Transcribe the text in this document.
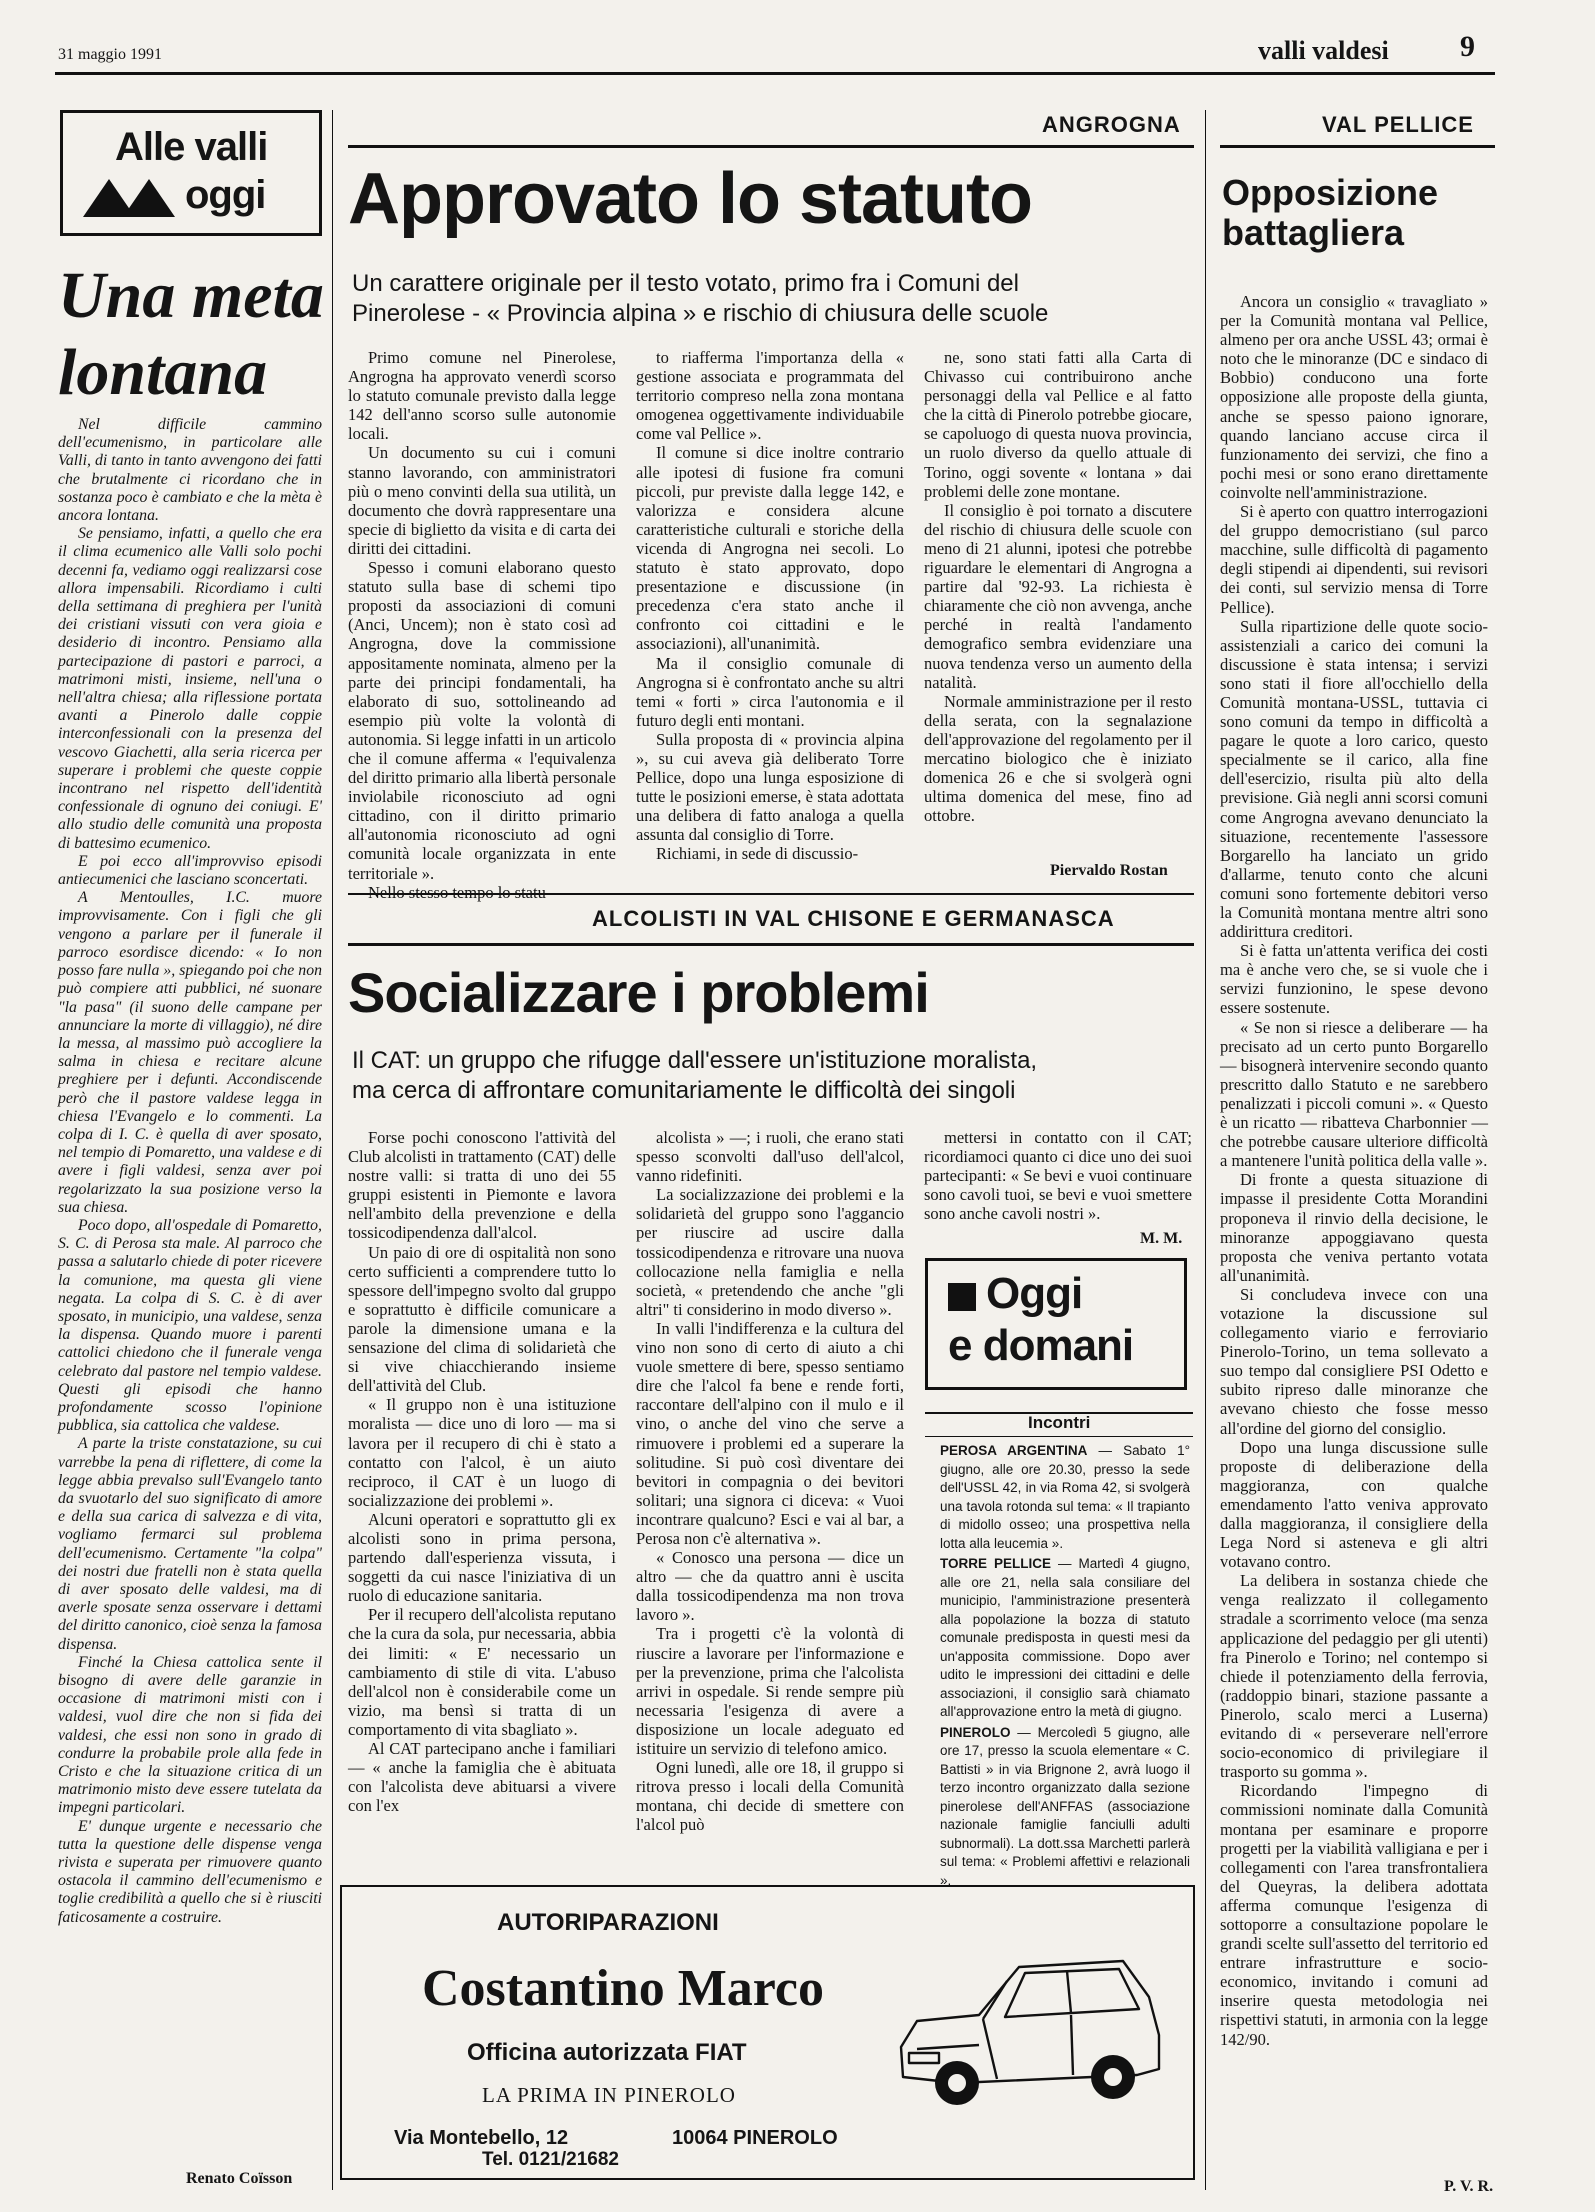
31 maggio 1991	valli valdesi 9
Alle valli
oggi
Una meta
lontana

Nel difficile cammino dell'ecumenismo, in particolare alle Valli, di tanto in tanto avvengono dei fatti che brutalmente ci ricordano che in sostanza poco è cambiato e che la mèta è ancora lontana.

Se pensiamo, infatti, a quello che era il clima ecumenico alle Valli solo pochi decenni fa, vediamo oggi realizzarsi cose allora impensabili. Ricordiamo i culti della settimana di preghiera per l'unità dei cristiani vissuti con vera gioia e desiderio di incontro. Pensiamo alla partecipazione di pastori e parroci, a matrimoni misti, insieme, nell'una o nell'altra chiesa; alla riflessione portata avanti a Pinerolo dalle coppie interconfessionali con la presenza del vescovo Giachetti, alla seria ricerca per superare i problemi che queste coppie incontrano nel rispetto dell'identità confessionale di ognuno dei coniugi. E' allo studio delle comunità una proposta di battesimo ecumenico.

E poi ecco all'improvviso episodi antiecumenici che lasciano sconcertati.

A Mentoulles, I.C. muore improvvisamente. Con i figli che gli vengono a parlare per il funerale il parroco esordisce dicendo: « Io non posso fare nulla », spiegando poi che non può compiere atti pubblici, né suonare "la pasa" (il suono delle campane per annunciare la morte di villaggio), né dire la messa, al massimo può accogliere la salma in chiesa e recitare alcune preghiere per i defunti. Accondiscende però che il pastore valdese legga in chiesa l'Evangelo e lo commenti. La colpa di I. C. è quella di aver sposato, nel tempio di Pomaretto, una valdese e di avere i figli valdesi, senza aver poi regolarizzato la sua posizione verso la sua chiesa.

Poco dopo, all'ospedale di Pomaretto, S. C. di Perosa sta male. Al parroco che passa a salutarlo chiede di poter ricevere la comunione, ma questa gli viene negata. La colpa di S. C. è di aver sposato, in municipio, una valdese, senza la dispensa. Quando muore i parenti cattolici chiedono che il funerale venga celebrato dal pastore nel tempio valdese. Questi gli episodi che hanno profondamente scosso l'opinione pubblica, sia cattolica che valdese.

A parte la triste constatazione, su cui varrebbe la pena di riflettere, di come la legge abbia prevalso sull'Evangelo tanto da svuotarlo del suo significato di amore e della sua carica di salvezza e di vita, vogliamo fermarci sul problema dell'ecumenismo. Certamente "la colpa" dei nostri due fratelli non è stata quella di aver sposato delle valdesi, ma di averle sposate senza osservare i dettami del diritto canonico, cioè senza la famosa dispensa.

Finché la Chiesa cattolica sente il bisogno di avere delle garanzie in occasione di matrimoni misti con i valdesi, vuol dire che non si fida dei valdesi, che essi non sono in grado di condurre la probabile prole alla fede in Cristo e che la situazione critica di un matrimonio misto deve essere tutelata da impegni particolari.

E' dunque urgente e necessario che tutta la questione delle dispense venga rivista e superata per rimuovere quanto ostacola il cammino dell'ecumenismo e toglie credibilità a quello che si è riusciti faticosamente a costruire.

Renato Coïsson
ANGROGNA
Approvato lo statuto
Un carattere originale per il testo votato, primo fra i Comuni del
Pinerolese - « Provincia alpina » e rischio di chiusura delle scuole

Primo comune nel Pinerolese, Angrogna ha approvato venerdì scorso lo statuto comunale previsto dalla legge 142 dell'anno scorso sulle autonomie locali.

Un documento su cui i comuni stanno lavorando, con amministratori più o meno convinti della sua utilità, un documento che dovrà rappresentare una specie di biglietto da visita e di carta dei diritti dei cittadini.

Spesso i comuni elaborano questo statuto sulla base di schemi tipo proposti da associazioni di comuni (Anci, Uncem); non è stato così ad Angrogna, dove la commissione appositamente nominata, almeno per la parte dei principi fondamentali, ha elaborato di suo, sottolineando ad esempio più volte la volontà di autonomia. Si legge infatti in un articolo che il comune afferma « l'equivalenza del diritto primario alla libertà personale inviolabile riconosciuto ad ogni cittadino, con il diritto primario all'autonomia riconosciuto ad ogni comunità locale organizzata in ente territoriale ».

to riafferma l'importanza della « gestione associata e programmata del territorio compreso nella zona montana omogenea oggettivamente individuabile come val Pellice ».

Il comune si dice inoltre contrario alle ipotesi di fusione fra comuni piccoli, pur previste dalla legge 142, e valorizza e considera alcune caratteristiche culturali e storiche della vicenda di Angrogna nei secoli. Lo statuto è stato approvato, dopo presentazione e discussione (in precedenza c'era stato anche il confronto coi cittadini e le associazioni), all'unanimità.

Ma il consiglio comunale di Angrogna si è confrontato anche su altri temi « forti » circa l'autonomia e il futuro degli enti montani.

Sulla proposta di « provincia alpina », su cui aveva già deliberato Torre Pellice, dopo una lunga esposizione di tutte le posizioni emerse, è stata adottata una delibera di fatto analoga a quella assunta dal consiglio di Torre.

Richiami, in sede di discussio-

ne, sono stati fatti alla Carta di Chivasso cui contribuirono anche personaggi della val Pellice e al fatto che la città di Pinerolo potrebbe giocare, se capoluogo di questa nuova provincia, un ruolo diverso da quello attuale di Torino, oggi sovente « lontana » dai problemi delle zone montane.

Il consiglio è poi tornato a discutere del rischio di chiusura delle scuole con meno di 21 alunni, ipotesi che potrebbe riguardare le elementari di Angrogna a partire dal '92-93. La richiesta è chiaramente che ciò non avvenga, anche perché in realtà l'andamento demografico sembra evidenziare una nuova tendenza verso un aumento della natalità.

Normale amministrazione per il resto della serata, con la segnalazione dell'approvazione del regolamento per il mercatino biologico che è iniziato domenica 26 e che si svolgerà ogni ultima domenica del mese, fino ad ottobre.

Piervaldo Rostan
ALCOLISTI IN VAL CHISONE E GERMANASCA
Socializzare i problemi
Il CAT: un gruppo che rifugge dall'essere un'istituzione moralista,
ma cerca di affrontare comunitariamente le difficoltà dei singoli

Forse pochi conoscono l'attività del Club alcolisti in trattamento (CAT) delle nostre valli: si tratta di uno dei 55 gruppi esistenti in Piemonte e lavora nell'ambito della prevenzione e della tossicodipendenza dall'alcol.

Un paio di ore di ospitalità non sono certo sufficienti a comprendere tutto lo spessore dell'impegno svolto dal gruppo e soprattutto è difficile comunicare a parole la dimensione umana e la sensazione del clima di solidarietà che si vive chiacchierando insieme dell'attività del Club.

« Il gruppo non è una istituzione moralista — dice uno di loro — ma si lavora per il recupero di chi è stato a contatto con l'alcol, è un aiuto reciproco, il CAT è un luogo di socializzazione dei problemi ».

Alcuni operatori e soprattutto gli ex alcolisti sono in prima persona, partendo dall'esperienza vissuta, i soggetti da cui nasce l'iniziativa di un ruolo di educazione sanitaria.

Per il recupero dell'alcolista reputano che la cura da sola, pur necessaria, abbia dei limiti: « E' necessario un cambiamento di stile di vita. L'abuso dell'alcol non è considerabile come un vizio, ma bensì si tratta di un comportamento di vita sbagliato ».

Al CAT partecipano anche i familiari — « anche la famiglia che è abituata con l'alcolista deve abituarsi a vivere con l'ex

alcolista » —; i ruoli, che erano stati spesso sconvolti dall'uso dell'alcol, vanno ridefiniti.

La socializzazione dei problemi e la solidarietà del gruppo sono l'aggancio per riuscire ad uscire dalla tossicodipendenza e ritrovare una nuova collocazione nella famiglia e nella società, « pretendendo che anche "gli altri" ti considerino in modo diverso ».

In valli l'indifferenza e la cultura del vino non sono di certo di aiuto a chi vuole smettere di bere, spesso sentiamo dire che l'alcol fa bene e rende forti, raccontare dell'alpino con il mulo e il vino, o anche del vino che serve a rimuovere i problemi ed a superare la solitudine. Si può così diventare dei bevitori in compagnia o dei bevitori solitari; una signora ci diceva: « Vuoi incontrare qualcuno? Esci e vai al bar, a Perosa non c'è alternativa ».

« Conosco una persona — dice un altro — che da quattro anni è uscita dalla tossicodipendenza ma non trova lavoro ».

Tra i progetti c'è la volontà di riuscire a lavorare per l'informazione e per la prevenzione, prima che l'alcolista arrivi in ospedale. Si rende sempre più necessaria l'esigenza di avere a disposizione un locale adeguato ed istituire un servizio di telefono amico.

Ogni lunedì, alle ore 18, il gruppo si ritrova presso i locali della Comunità montana, chi decide di smettere con l'alcol può

mettersi in contatto con il CAT; ricordiamoci quanto ci dice uno dei suoi partecipanti: « Se bevi e vuoi continuare sono cavoli tuoi, se bevi e vuoi smettere sono anche cavoli nostri ».

M. M.
Oggi
e domani
Incontri

PEROSA ARGENTINA — Sabato 1° giugno, alle ore 20.30, presso la sede dell'USSL 42, in via Roma 42, si svolgerà una tavola rotonda sul tema: « Il trapianto di midollo osseo; una prospettiva nella lotta alla leucemia ».

TORRE PELLICE — Martedì 4 giugno, alle ore 21, nella sala consiliare del municipio, l'amministrazione presenterà alla popolazione la bozza di statuto comunale predisposta in questi mesi da un'apposita commissione. Dopo aver udito le impressioni dei cittadini e delle associazioni, il consiglio sarà chiamato all'approvazione entro la metà di giugno.

PINEROLO — Mercoledì 5 giugno, alle ore 17, presso la scuola elementare « C. Battisti » in via Brignone 2, avrà luogo il terzo incontro organizzato dalla sezione pinerolese dell'ANFFAS (associazione nazionale famiglie fanciulli adulti subnormali). La dott.ssa Marchetti parlerà sul tema: « Problemi affettivi e relazionali ».

VAL PELLICE
Opposizione
battagliera

Ancora un consiglio « travagliato » per la Comunità montana val Pellice, almeno per ora anche USSL 43; ormai è noto che le minoranze (DC e sindaco di Bobbio) conducono una forte opposizione alle proposte della giunta, anche se spesso paiono ignorare, quando lanciano accuse circa il funzionamento dei servizi, che fino a pochi mesi or sono erano direttamente coinvolte nell'amministrazione.

Si è aperto con quattro interrogazioni del gruppo democristiano (sul parco macchine, sulle difficoltà di pagamento degli stipendi ai dipendenti, sui revisori dei conti, sul servizio mensa di Torre Pellice).

Sulla ripartizione delle quote socio-assistenziali a carico dei comuni la discussione è stata intensa; i servizi sono stati il fiore all'occhiello della Comunità montana-USSL, tuttavia ci sono comuni da tempo in difficoltà a pagare le quote a loro carico, questo specialmente se il carico, alla fine dell'esercizio, risulta più alto della previsione. Già negli anni scorsi comuni come Angrogna avevano denunciato la situazione, recentemente l'assessore Borgarello ha lanciato un grido d'allarme, tenuto conto che alcuni comuni sono fortemente debitori verso la Comunità montana mentre altri sono addirittura creditori.

Si è fatta un'attenta verifica dei costi ma è anche vero che, se si vuole che i servizi funzionino, le spese devono essere sostenute.

« Se non si riesce a deliberare — ha precisato ad un certo punto Borgarello — bisognerà intervenire secondo quanto prescritto dallo Statuto e ne sarebbero penalizzati i piccoli comuni ». « Questo è un ricatto — ribatteva Charbonnier — che potrebbe causare ulteriore difficoltà a mantenere l'unità politica della valle ».

Di fronte a questa situazione di impasse il presidente Cotta Morandini proponeva il rinvio della decisione, le minoranze appoggiavano questa proposta che veniva pertanto votata all'unanimità.

Si concludeva invece con una votazione la discussione sul collegamento viario e ferroviario Pinerolo-Torino, un tema sollevato a suo tempo dal consigliere PSI Odetto e subito ripreso dalle minoranze che avevano chiesto che fosse messo all'ordine del giorno del consiglio.

Dopo una lunga discussione sulle proposte di deliberazione della maggioranza, con qualche emendamento l'atto veniva approvato dalla maggioranza, il consigliere della Lega Nord si asteneva e gli altri votavano contro.

La delibera in sostanza chiede che venga realizzato il collegamento stradale a scorrimento veloce (ma senza applicazione del pedaggio per gli utenti) fra Pinerolo e Torino; nel contempo si chiede il potenziamento della ferrovia, (raddoppio binari, stazione passante a Pinerolo, scalo merci a Luserna) evitando di « perseverare nell'errore socio-economico di privilegiare il trasporto su gomma ».

Ricordando l'impegno di commissioni nominate dalla Comunità montana per esaminare e proporre progetti per la viabilità valligiana e per i collegamenti con l'area transfrontaliera del Queyras, la delibera adottata afferma comunque l'esigenza di sottoporre a consultazione popolare le grandi scelte sull'assetto del territorio ed entrare infrastrutture e socio-economico, invitando i comuni ad inserire questa metodologia nei rispettivi statuti, in armonia con la legge 142/90.

P. V. R.
AUTORIPARAZIONI
Costantino Marco
Officina autorizzata FIAT
LA PRIMA IN PINEROLO
Via Montebello, 12	10064 PINEROLO
Tel. 0121/21682
